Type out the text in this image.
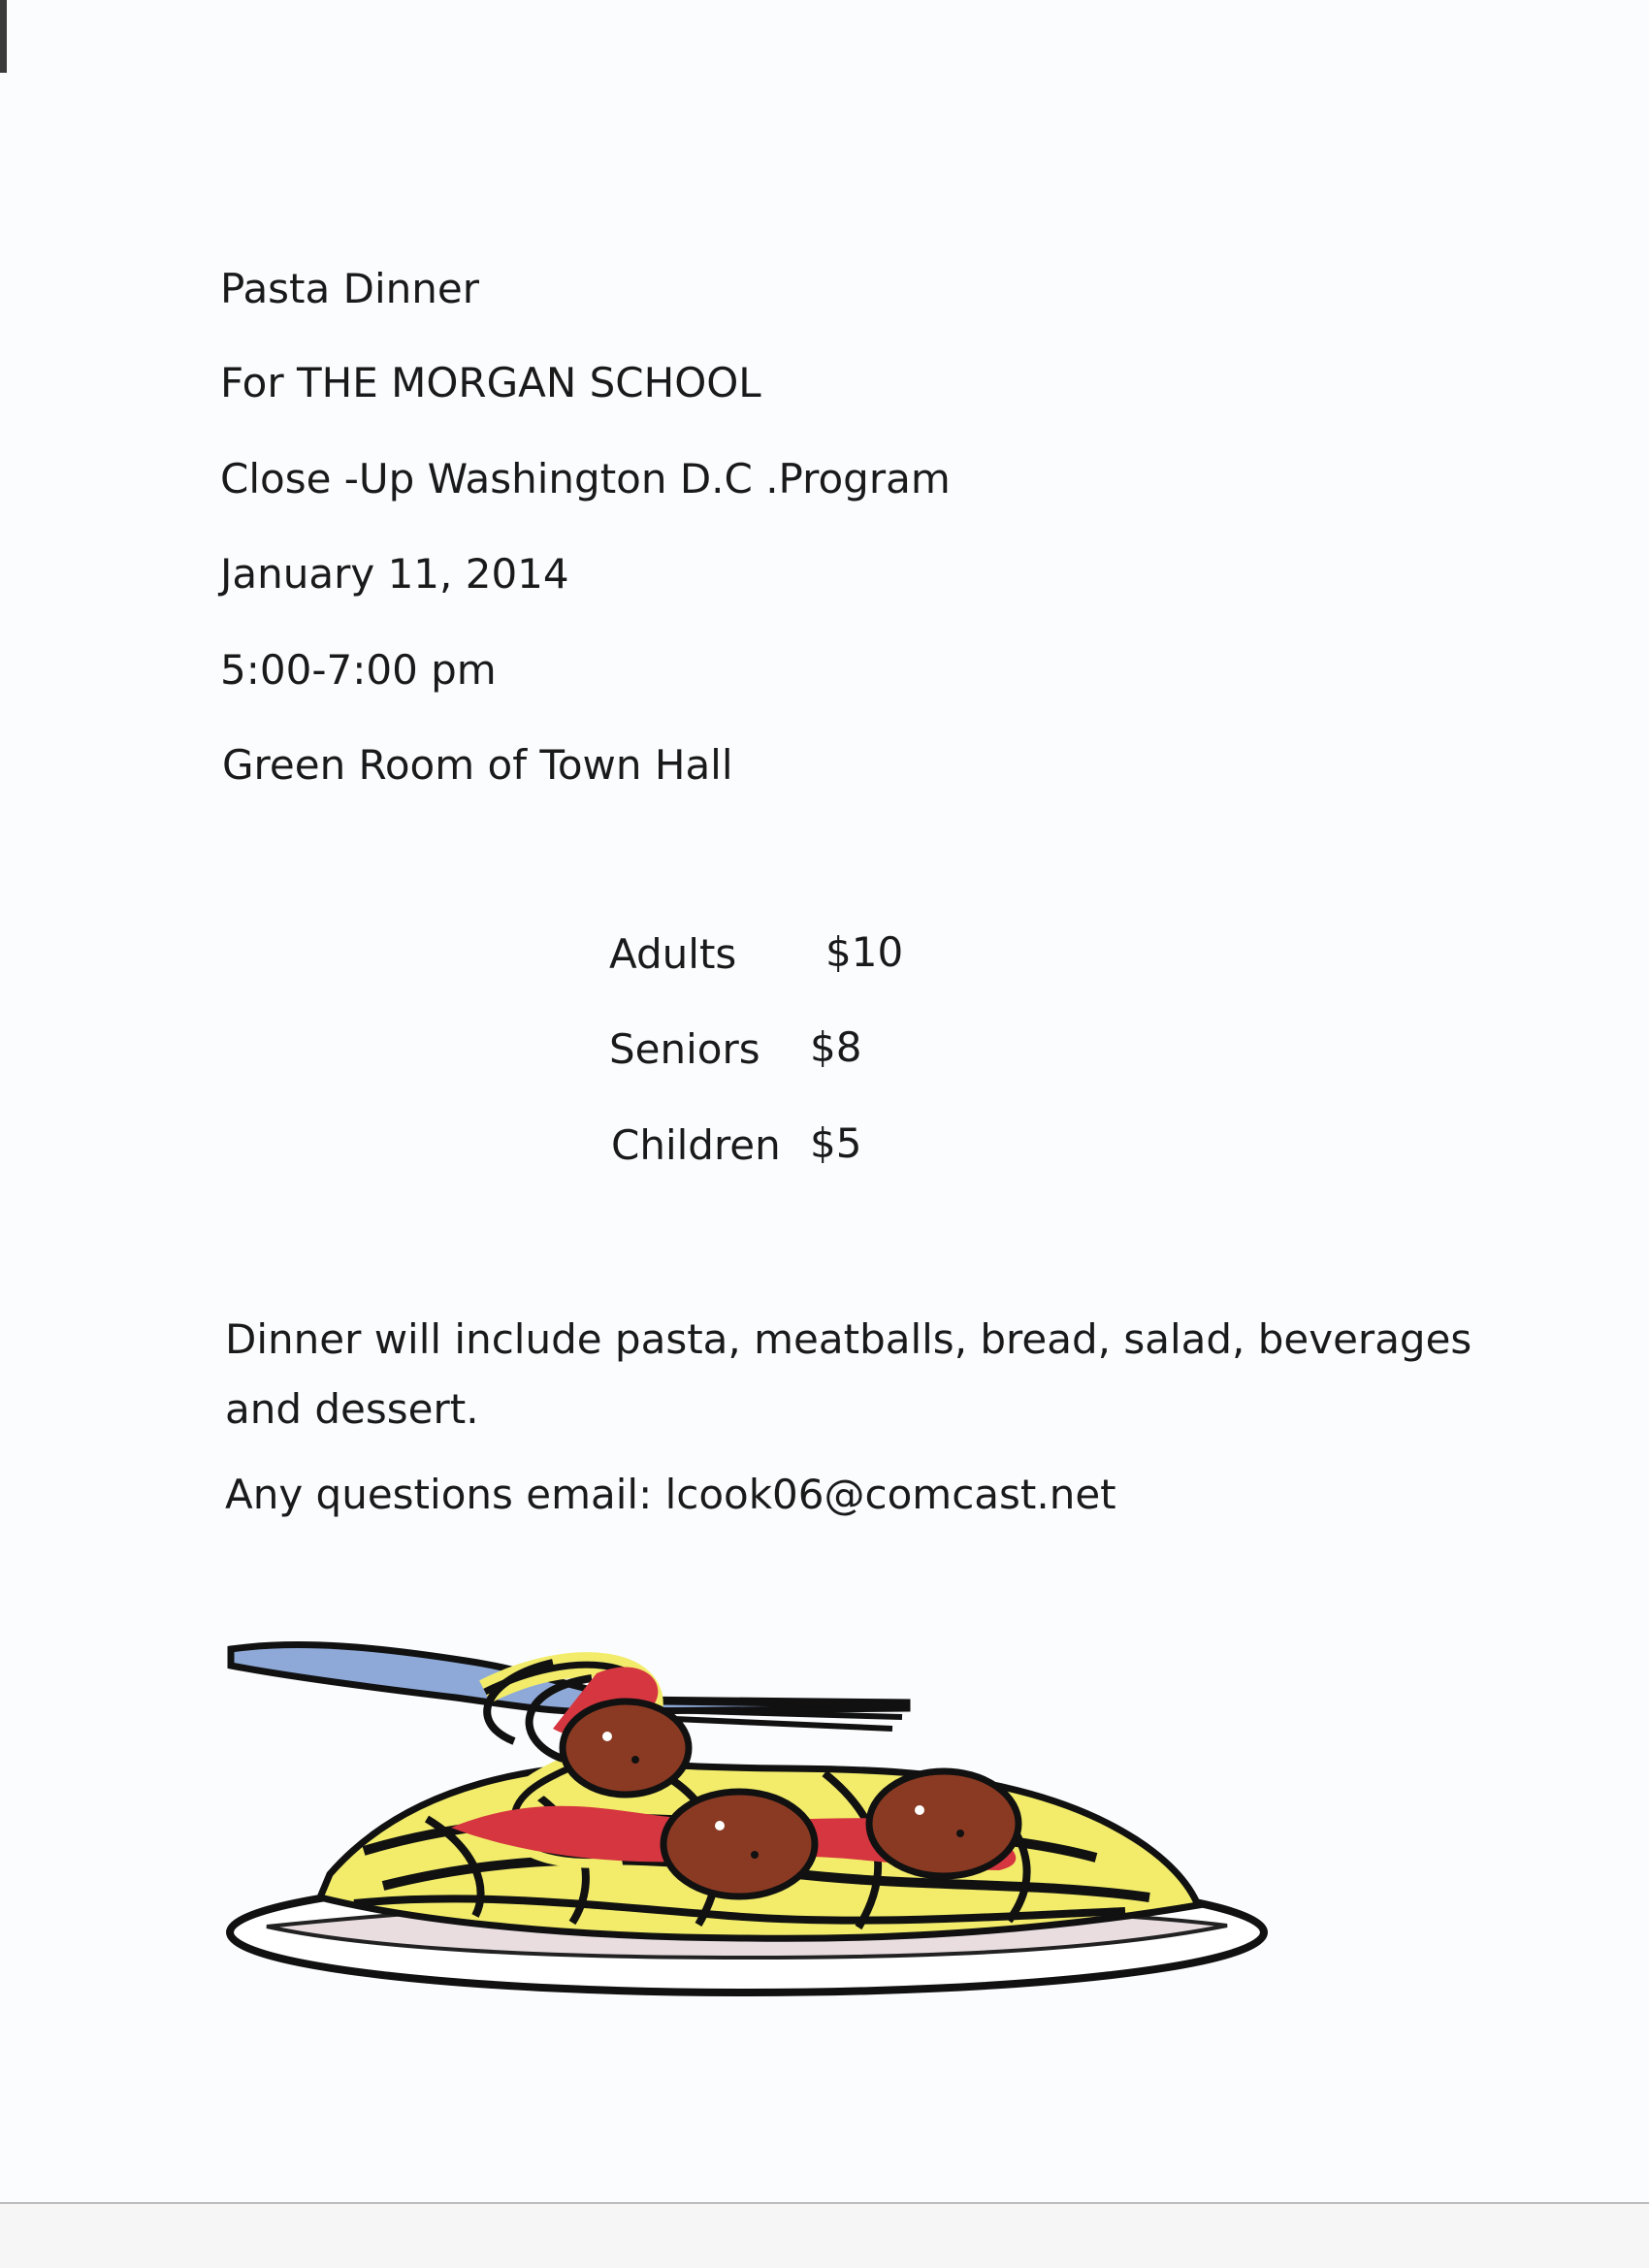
Pasta Dinner
For THE MORGAN SCHOOL
Close -Up Washington D.C .Program
January 11, 2014
5:00-7:00 pm
Green Room of Town Hall
Adults $10
Seniors $8
Children $5
Dinner will include pasta, meatballs, bread, salad, beverages and dessert.
Any questions email: lcook06@comcast.net
